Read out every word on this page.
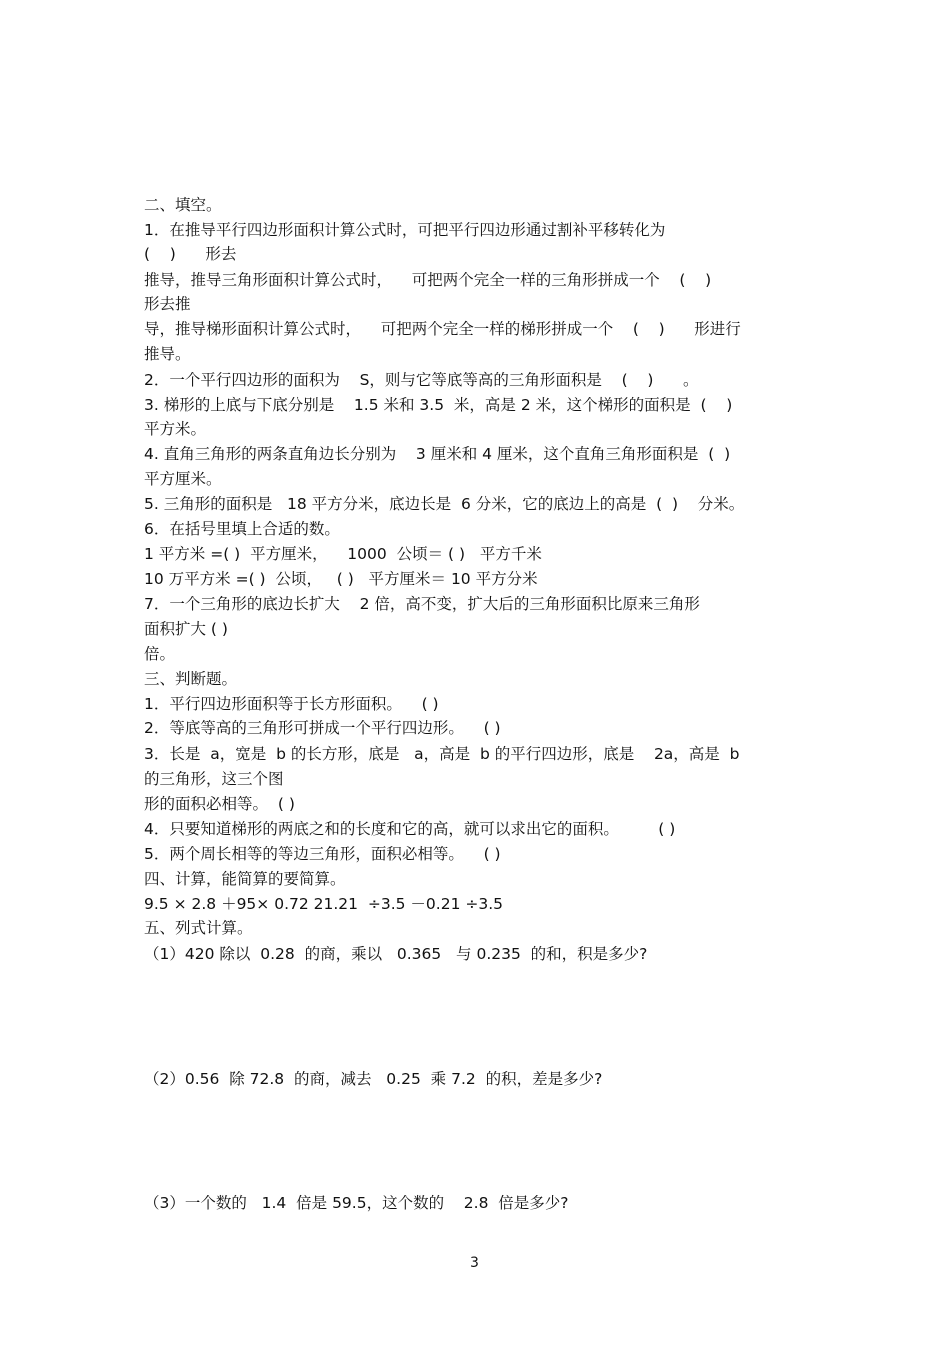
二、填空。
1．在推导平行四边形面积计算公式时，可把平行四边形通过割补平移转化为
(    )      形去
推导，推导三角形面积计算公式时，    可把两个完全一样的三角形拼成一个    (    )
形去推
导，推导梯形面积计算公式时，    可把两个完全一样的梯形拼成一个    (    )      形进行
推导。
2．一个平行四边形的面积为    S，则与它等底等高的三角形面积是    (    )      。
3. 梯形的上底与下底分别是    1.5 米和 3.5  米，高是 2 米，这个梯形的面积是  (    )
平方米。
4. 直角三角形的两条直角边长分别为    3 厘米和 4 厘米，这个直角三角形面积是  (  )
平方厘米。
5. 三角形的面积是   18 平方分米，底边长是  6 分米，它的底边上的高是  (  )    分米。
6．在括号里填上合适的数。
1 平方米 =( )  平方厘米，    1000  公顷＝ ( )   平方千米
10 万平方米 =( )  公顷，   ( )   平方厘米＝ 10 平方分米
7．一个三角形的底边长扩大    2 倍，高不变，扩大后的三角形面积比原来三角形
面积扩大 ( )
倍。
三、判断题。
1．平行四边形面积等于长方形面积。    ( )
2．等底等高的三角形可拼成一个平行四边形。    ( )
3．长是  a，宽是  b 的长方形，底是   a，高是  b 的平行四边形，底是    2a，高是  b
的三角形，这三个图
形的面积必相等。  ( )
4．只要知道梯形的两底之和的长度和它的高，就可以求出它的面积。        ( )
5．两个周长相等的等边三角形，面积必相等。    ( )
四、计算，能简算的要简算。
9.5 × 2.8 ＋95× 0.72 21.21  ÷3.5 －0.21 ÷3.5
五、列式计算。
（1）420 除以  0.28  的商，乘以   0.365   与 0.235  的和，积是多少?
（2）0.56  除 72.8  的商，减去   0.25  乘 7.2  的积，差是多少?
（3）一个数的   1.4  倍是 59.5，这个数的    2.8  倍是多少?
3
